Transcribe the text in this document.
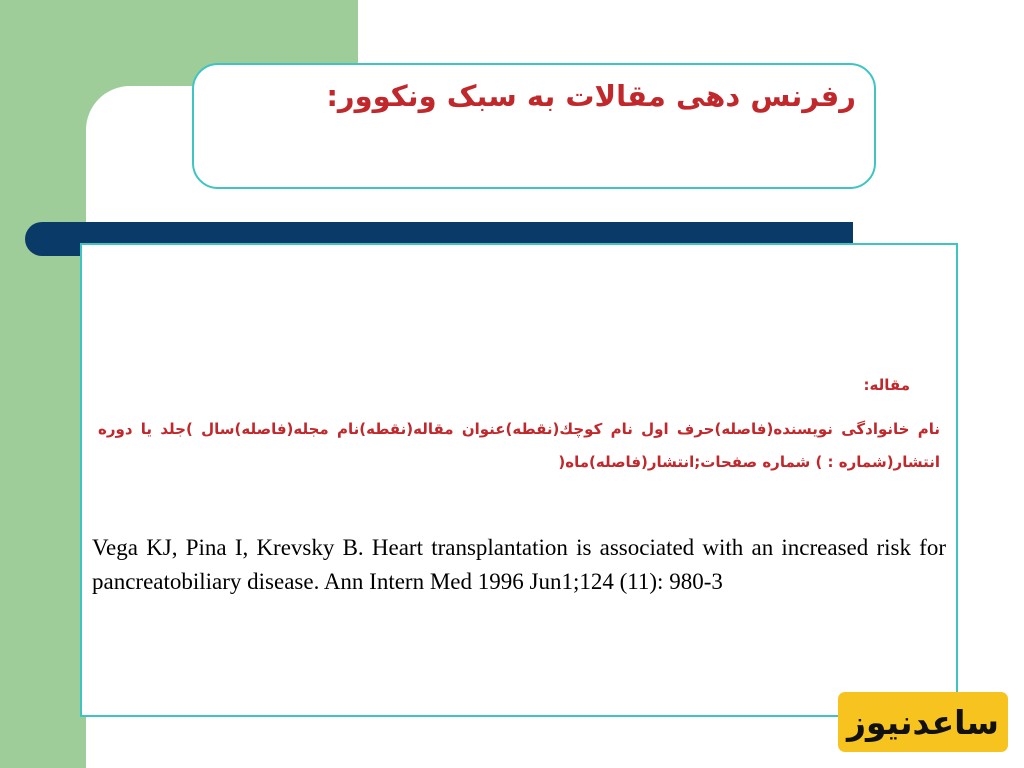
رفرنس دهی مقالات به سبک ونکوور:
مقاله:
نام خانوادگی نویسنده(فاصله)حرف اول نام کوچك(نقطه)عنوان مقاله(نقطه)نام مجله(فاصله)سال )جلد یا دوره انتشار(شماره : ) شماره صفحات;انتشار(فاصله)ماه(
Vega KJ, Pina I, Krevsky B. Heart transplantation is associated with an increased risk for pancreatobiliary disease. Ann Intern Med 1996 Jun1;124 (11): 980-3
ساعدنیوز
